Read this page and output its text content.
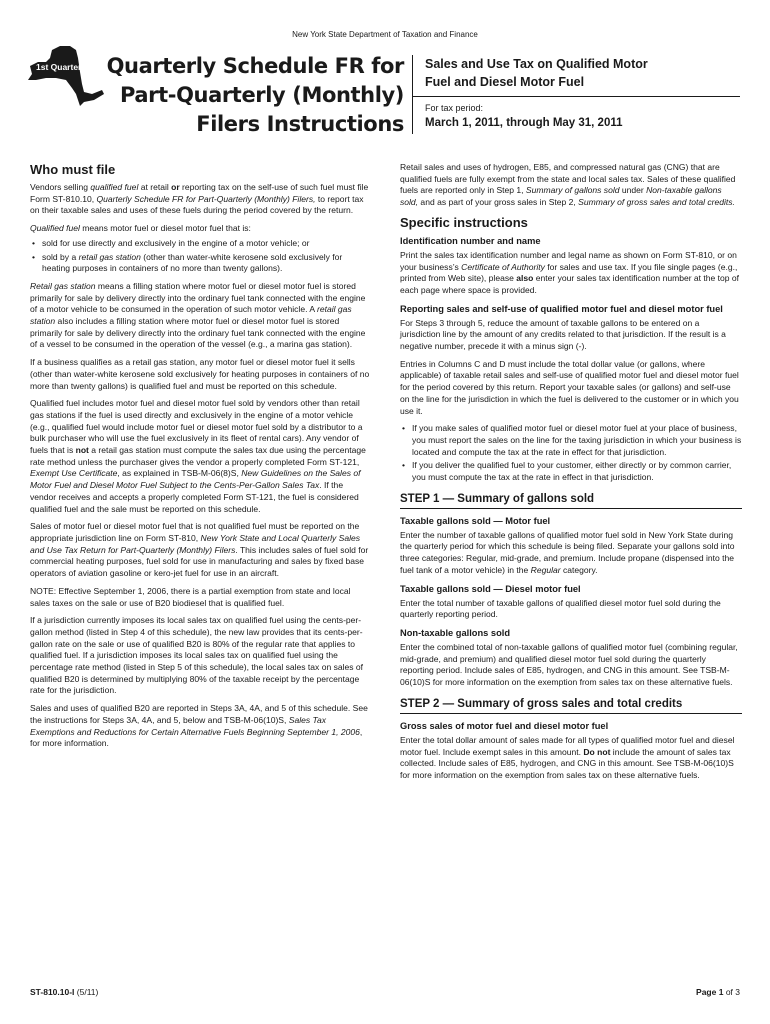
New York State Department of Taxation and Finance
1st Quarter	Quarterly Schedule FR for
Part-Quarterly (Monthly)
Filers Instructions
Sales and Use Tax on Qualified Motor
Fuel and Diesel Motor Fuel
For tax period:
March 1, 2011, through May 31, 2011
Who must file

Vendors selling qualified fuel at retail or reporting tax on the self-use of such fuel must file Form ST-810.10, Quarterly Schedule FR for Part-Quarterly (Monthly) Filers, to report tax on their taxable sales and uses of these fuels during the period covered by the return.

Qualified fuel means motor fuel or diesel motor fuel that is:

• sold for use directly and exclusively in the engine of a motor vehicle; or
• sold by a retail gas station (other than water-white kerosene sold exclusively for heating purposes in containers of no more than twenty gallons).

Retail gas station means a filling station where motor fuel or diesel motor fuel is stored primarily for sale by delivery directly into the ordinary fuel tank connected with the engine of a motor vehicle to be consumed in the operation of such motor vehicle. A retail gas station also includes a filling station where motor fuel or diesel motor fuel is stored primarily for sale by delivery directly into the ordinary fuel tank connected with the engine of a vessel to be consumed in the operation of the vessel (e.g., a marina gas station).

If a business qualifies as a retail gas station, any motor fuel or diesel motor fuel it sells (other than water-white kerosene sold exclusively for heating purposes in containers of no more than twenty gallons) is qualified fuel and must be reported on this schedule.

Qualified fuel includes motor fuel and diesel motor fuel sold by vendors other than retail gas stations if the fuel is used directly and exclusively in the engine of a motor vehicle (e.g., qualified fuel would include motor fuel or diesel motor fuel sold by a distributor to a bulk purchaser who will use the fuel exclusively in its fleet of rental cars). Any vendor of fuels that is not a retail gas station must compute the sales tax due using the percentage rate method unless the purchaser gives the vendor a properly completed Form ST-121, Exempt Use Certificate, as explained in TSB-M-06(8)S, New Guidelines on the Sales of Motor Fuel and Diesel Motor Fuel Subject to the Cents-Per-Gallon Sales Tax. If the vendor receives and accepts a properly completed Form ST-121, the fuel is considered qualified fuel and the sale must be reported on this schedule.

Sales of motor fuel or diesel motor fuel that is not qualified fuel must be reported on the appropriate jurisdiction line on Form ST-810, New York State and Local Quarterly Sales and Use Tax Return for Part-Quarterly (Monthly) Filers. This includes sales of fuel sold for commercial heating purposes, fuel sold for use in manufacturing and sales by fixed base operators of aviation gasoline or kero-jet fuel for use in an aircraft.

NOTE: Effective September 1, 2006, there is a partial exemption from state and local sales taxes on the sale or use of B20 biodiesel that is qualified fuel.

If a jurisdiction currently imposes its local sales tax on qualified fuel using the cents-per-gallon method (listed in Step 4 of this schedule), the new law provides that its cents-per-gallon rate on the sale or use of qualified B20 is 80% of the regular rate that applies to qualified fuel. If a jurisdiction imposes its local sales tax on qualified fuel using the percentage rate method (listed in Step 5 of this schedule), the local sales tax on sales of qualified B20 is determined by multiplying 80% of the taxable receipt by the percentage rate for the jurisdiction.

Sales and uses of qualified B20 are reported in Steps 3A, 4A, and 5 of this schedule. See the instructions for Steps 3A, 4A, and 5, below and TSB-M-06(10)S, Sales Tax Exemptions and Reductions for Certain Alternative Fuels Beginning September 1, 2006, for more information.

Retail sales and uses of hydrogen, E85, and compressed natural gas (CNG) that are qualified fuels are fully exempt from the state and local sales tax. Sales of these qualified fuels are reported only in Step 1, Summary of gallons sold under Non-taxable gallons sold, and as part of your gross sales in Step 2, Summary of gross sales and total credits.

Specific instructions
Identification number and name

Print the sales tax identification number and legal name as shown on Form ST-810, or on your business’s Certificate of Authority for sales and use tax. If you file single pages (e.g., printed from Web site), please also enter your sales tax identification number at the top of each page where space is provided.

Reporting sales and self-use of qualified motor fuel and diesel motor fuel

For Steps 3 through 5, reduce the amount of taxable gallons to be entered on a jurisdiction line by the amount of any credits related to that jurisdiction. If the result is a negative number, precede it with a minus sign (-).

Entries in Columns C and D must include the total dollar value (or gallons, where applicable) of taxable retail sales and self-use of qualified motor fuel and diesel motor fuel for the period covered by this return. Report your taxable sales (or gallons) and self-use on the line for the jurisdiction in which the fuel is delivered to the customer or in which you use it.

• If you make sales of qualified motor fuel or diesel motor fuel at your place of business, you must report the sales on the line for the taxing jurisdiction in which your business is located and compute the tax at the rate in effect for that jurisdiction.
• If you deliver the qualified fuel to your customer, either directly or by common carrier, you must compute the tax at the rate in effect in that jurisdiction.
STEP 1 — Summary of gallons sold
Taxable gallons sold — Motor fuel

Enter the number of taxable gallons of qualified motor fuel sold in New York State during the quarterly period for which this schedule is being filed. Separate your gallons sold into three categories: Regular, mid-grade, and premium. Include propane (dispensed into the fuel tank of a motor vehicle) in the Regular category.

Taxable gallons sold — Diesel motor fuel

Enter the total number of taxable gallons of qualified diesel motor fuel sold during the quarterly reporting period.

Non-taxable gallons sold

Enter the combined total of non-taxable gallons of qualified motor fuel (combining regular, mid-grade, and premium) and qualified diesel motor fuel sold during the quarterly reporting period. Include sales of E85, hydrogen, and CNG in this amount. See TSB-M-06(10)S for more information on the exemption from sales tax on these alternative fuels.

STEP 2 — Summary of gross sales and total credits
Gross sales of motor fuel and diesel motor fuel

Enter the total dollar amount of sales made for all types of qualified motor fuel and diesel motor fuel. Include exempt sales in this amount. Do not include the amount of sales tax collected. Include sales of E85, hydrogen, and CNG in this amount. See TSB-M-06(10)S for more information on the exemption from sales tax on these alternative fuels.

ST-810.10-I (5/11)	Page 1 of 3
